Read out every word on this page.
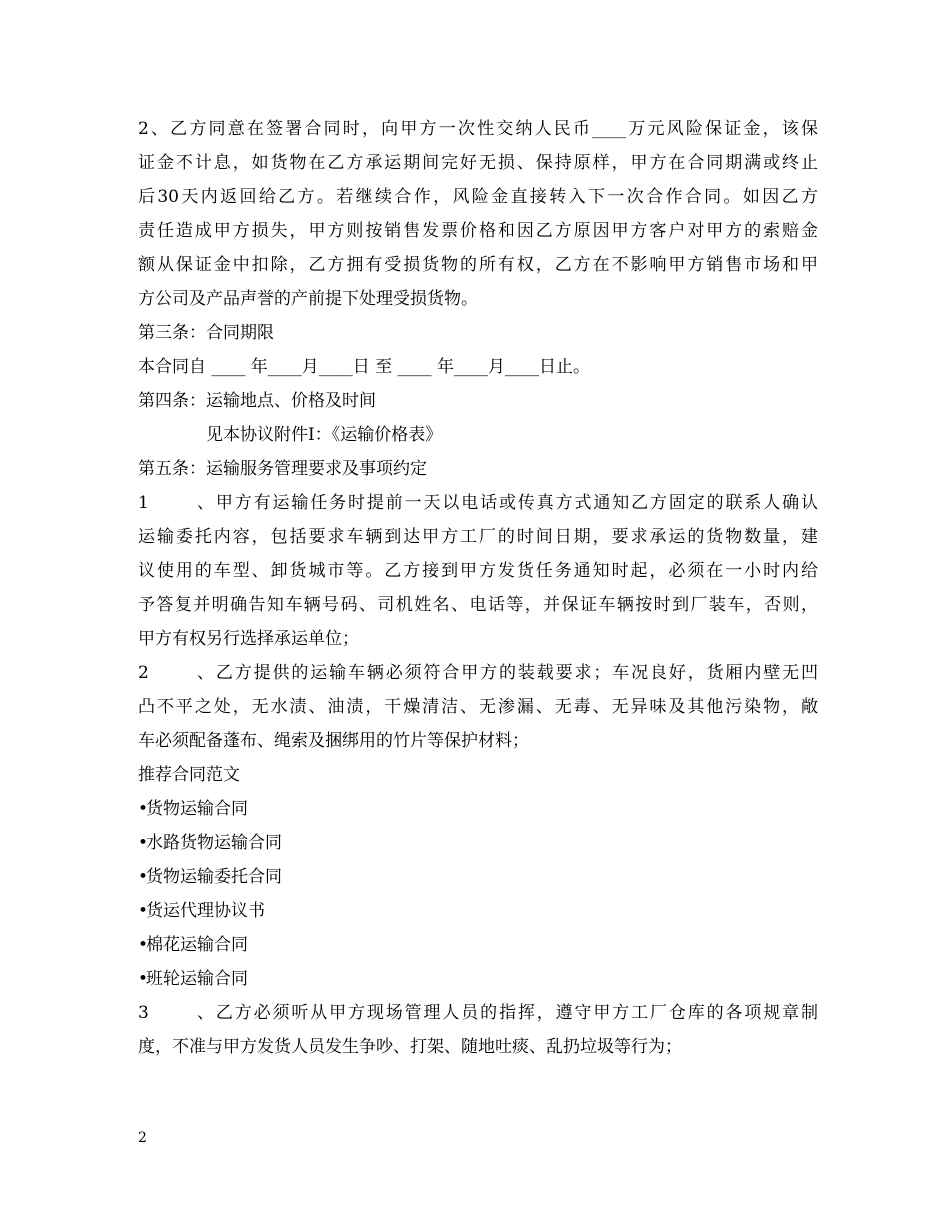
2、乙方同意在签署合同时，向甲方一次性交纳人民币____万元风险保证金，该保
证金不计息，如货物在乙方承运期间完好无损、保持原样，甲方在合同期满或终止
后30天内返回给乙方。若继续合作，风险金直接转入下一次合作合同。如因乙方
责任造成甲方损失，甲方则按销售发票价格和因乙方原因甲方客户对甲方的索赔金
额从保证金中扣除，乙方拥有受损货物的所有权，乙方在不影响甲方销售市场和甲
方公司及产品声誉的产前提下处理受损货物。
第三条：合同期限
本合同自 ____ 年____月____日 至 ____ 年____月____日止。
第四条：运输地点、价格及时间
见本协议附件Ⅰ：《运输价格表》
第五条：运输服务管理要求及事项约定
1、甲方有运输任务时提前一天以电话或传真方式通知乙方固定的联系人确认
运输委托内容，包括要求车辆到达甲方工厂的时间日期，要求承运的货物数量，建
议使用的车型、卸货城市等。乙方接到甲方发货任务通知时起，必须在一小时内给
予答复并明确告知车辆号码、司机姓名、电话等，并保证车辆按时到厂装车，否则，
甲方有权另行选择承运单位；
2、乙方提供的运输车辆必须符合甲方的装载要求；车况良好，货厢内壁无凹
凸不平之处，无水渍、油渍，干燥清洁、无渗漏、无毒、无异味及其他污染物，敞
车必须配备蓬布、绳索及捆绑用的竹片等保护材料；
推荐合同范文
•货物运输合同
•水路货物运输合同
•货物运输委托合同
•货运代理协议书
•棉花运输合同
•班轮运输合同
3、乙方必须听从甲方现场管理人员的指挥，遵守甲方工厂仓库的各项规章制
度，不准与甲方发货人员发生争吵、打架、随地吐痰、乱扔垃圾等行为；
2
